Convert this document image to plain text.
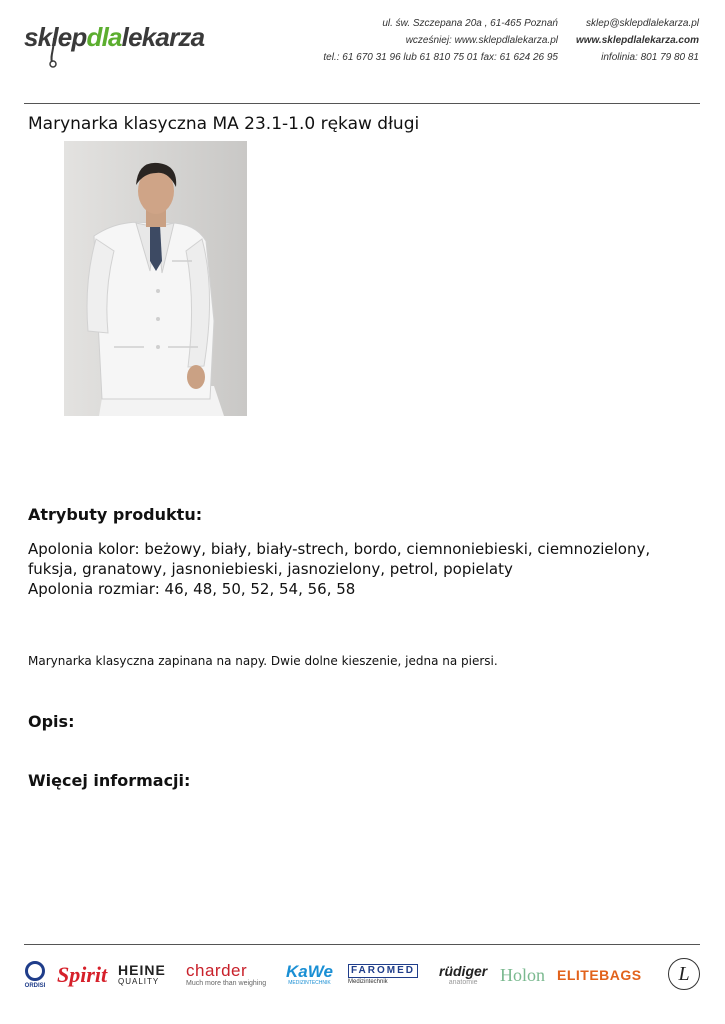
sklepdlalekarza	ul. św. Szczepana 20a , 61-465 Poznań
wcześniej: www.sklepdlalekarza.pl
tel.: 61 670 31 96 lub 61 810 75 01 fax: 61 624 26 95
sklep@sklepdlalekarza.pl
www.sklepdlalekarza.com
infolinia: 801 79 80 81
Marynarka klasyczna MA 23.1-1.0 rękaw długi
Atrybuty produktu:

Apolonia kolor: beżowy, biały, biały-strech, bordo, ciemnoniebieski, ciemnozielony, fuksja, granatowy, jasnoniebieski, jasnozielony, petrol, popielaty

Apolonia rozmiar: 46, 48, 50, 52, 54, 56, 58

Marynarka klasyczna zapinana na napy. Dwie dolne kieszenie, jedna na piersi.
Opis:
Więcej informacji:
ORDISI Spirit HEINE
QUALITY
charder
Much more than weighing
KaWe
MEDIZINTECHNIK
FAROMED
Medizintechnik
rüdiger
anatomie Holon ELITEBAGS	L
